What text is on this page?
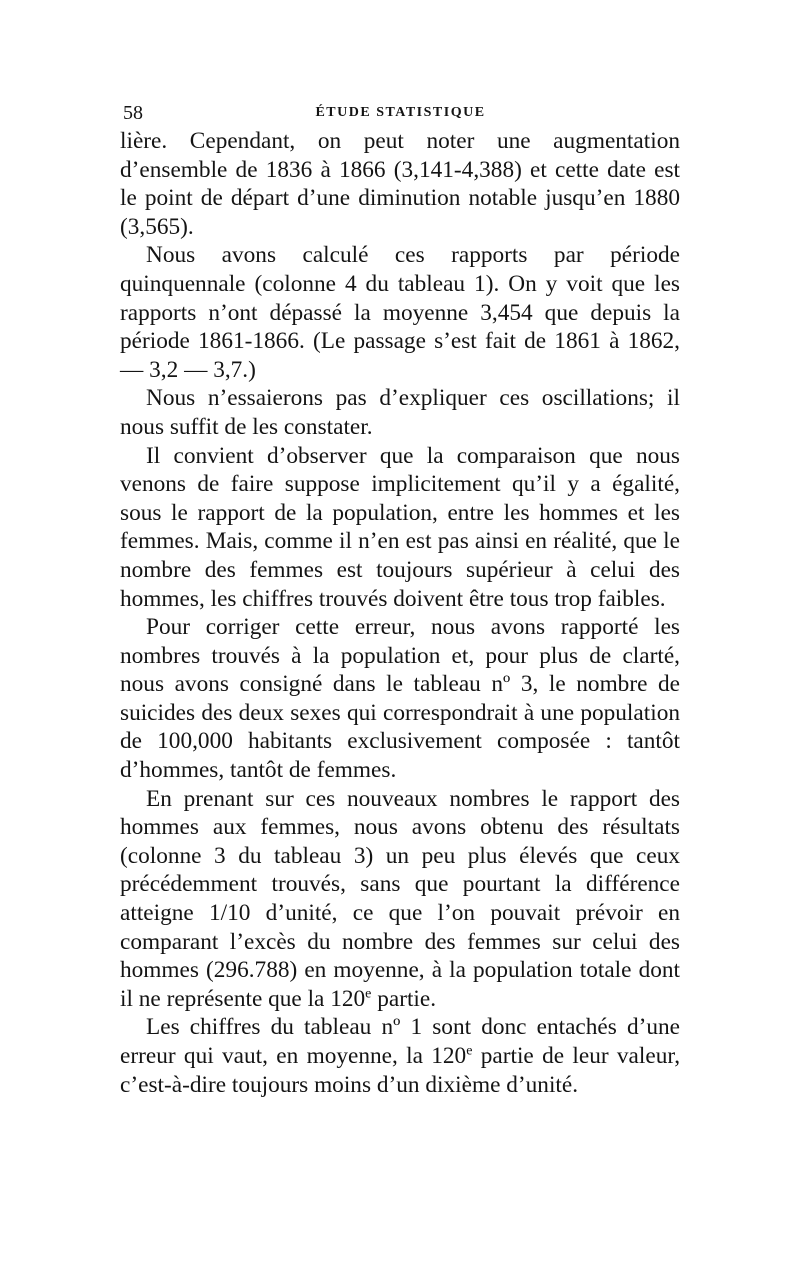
58	ÉTUDE STATISTIQUE

lière. Cependant, on peut noter une augmentation d’ensemble de 1836 à 1866 (3,141-4,388) et cette date est le point de départ d’une diminution notable jusqu’en 1880 (3,565).

Nous avons calculé ces rapports par période quinquennale (colonne 4 du tableau 1). On y voit que les rapports n’ont dépassé la moyenne 3,454 que depuis la période 1861-1866. (Le passage s’est fait de 1861 à 1862, — 3,2 — 3,7.)

Nous n’essaierons pas d’expliquer ces oscillations; il nous suffit de les constater.

Il convient d’observer que la comparaison que nous venons de faire suppose implicitement qu’il y a égalité, sous le rapport de la population, entre les hommes et les femmes. Mais, comme il n’en est pas ainsi en réalité, que le nombre des femmes est toujours supérieur à celui des hommes, les chiffres trouvés doivent être tous trop faibles.

Pour corriger cette erreur, nous avons rapporté les nombres trouvés à la population et, pour plus de clarté, nous avons consigné dans le tableau nº 3, le nombre de suicides des deux sexes qui correspondrait à une population de 100,000 habitants exclusivement composée : tantôt d’hommes, tantôt de femmes.

En prenant sur ces nouveaux nombres le rapport des hommes aux femmes, nous avons obtenu des résultats (colonne 3 du tableau 3) un peu plus élevés que ceux précédemment trouvés, sans que pourtant la différence atteigne 1/10 d’unité, ce que l’on pouvait prévoir en comparant l’excès du nombre des femmes sur celui des hommes (296.788) en moyenne, à la population totale dont il ne représente que la 120e partie.

Les chiffres du tableau nº 1 sont donc entachés d’une erreur qui vaut, en moyenne, la 120e partie de leur valeur, c’est-à-dire toujours moins d’un dixième d’unité.
